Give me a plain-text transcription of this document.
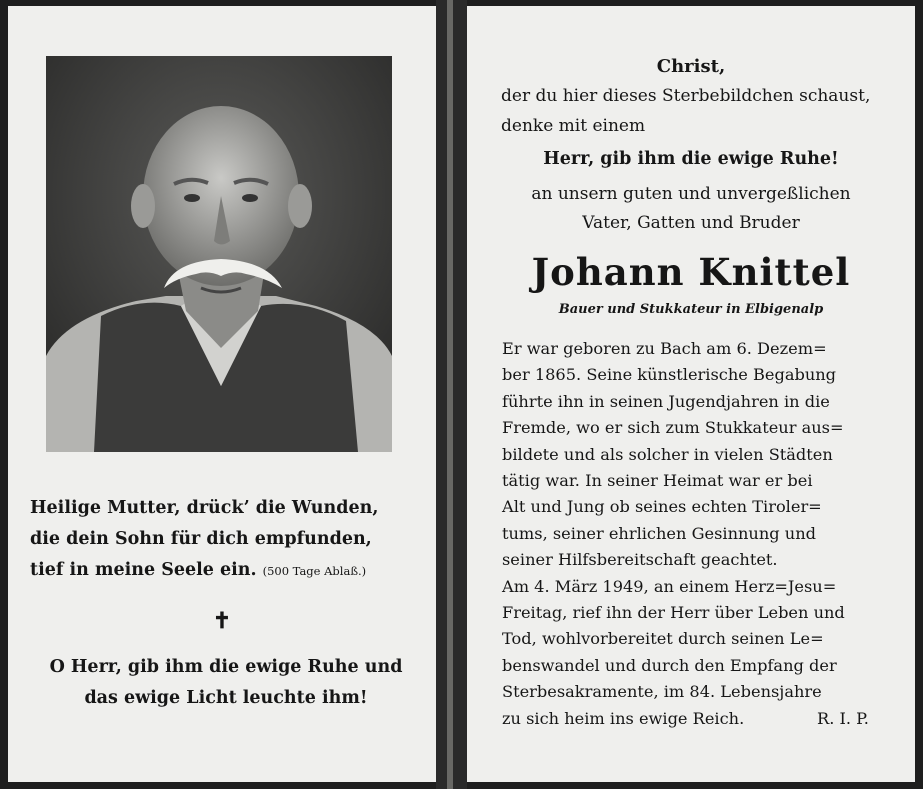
Heilige Mutter, drück’ die Wunden,
die dein Sohn für dich empfunden,
tief in meine Seele ein. (500 Tage Ablaß.)
✝
O Herr, gib ihm die ewige Ruhe und
das ewige Licht leuchte ihm!
Christ,
der du hier dieses Sterbebildchen schaust,
denke mit einem
Herr, gib ihm die ewige Ruhe!
an unsern guten und unvergeßlichen
Vater, Gatten und Bruder
Johann Knittel
Bauer und Stukkateur in Elbigenalp
Er war geboren zu Bach am 6. Dezem=
ber 1865. Seine künstlerische Begabung
führte ihn in seinen Jugendjahren in die
Fremde, wo er sich zum Stukkateur aus=
bildete und als solcher in vielen Städten
tätig war. In seiner Heimat war er bei
Alt und Jung ob seines echten Tiroler=
tums, seiner ehrlichen Gesinnung und
seiner Hilfsbereitschaft geachtet.
Am 4. März 1949, an einem Herz=Jesu=
Freitag, rief ihn der Herr über Leben und
Tod, wohlvorbereitet durch seinen Le=
benswandel und durch den Empfang der
Sterbesakramente, im 84. Lebensjahre
zu sich heim ins ewige Reich.	R. I. P.
